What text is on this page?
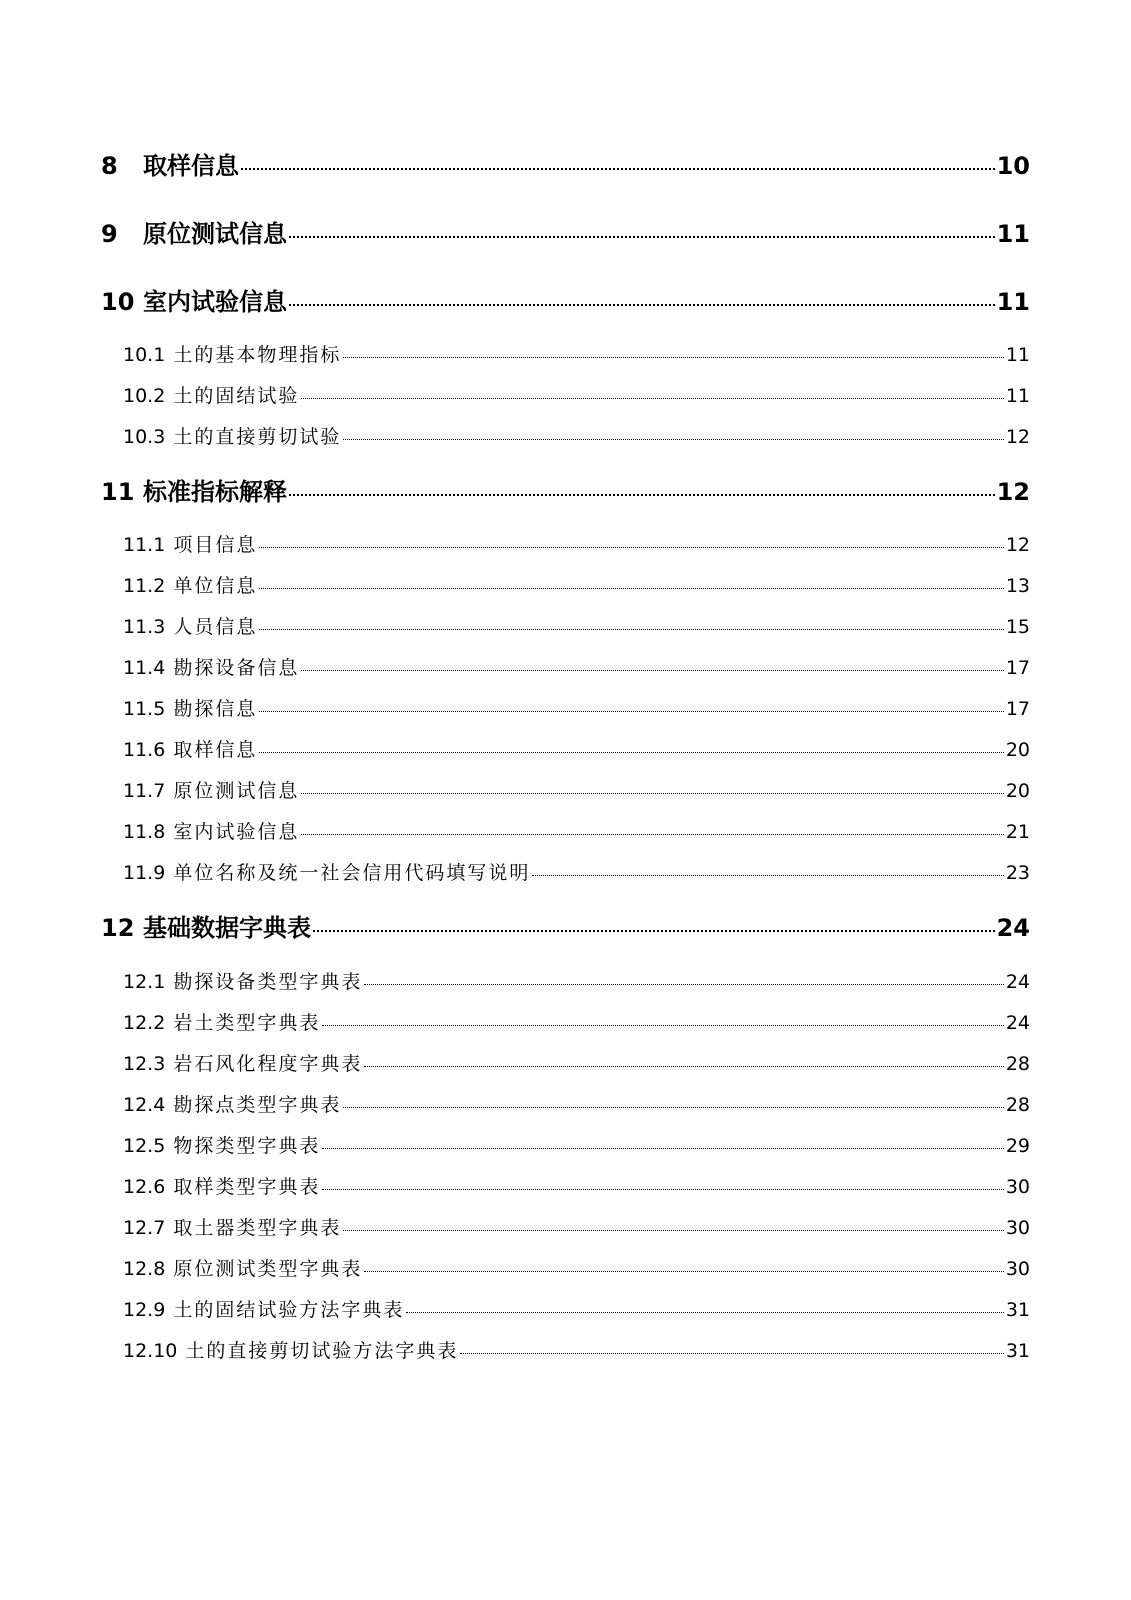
8	取样信息	10
9	原位测试信息	11
10 室内试验信息	11
10.1 土的基本物理指标	11
10.2 土的固结试验	11
10.3 土的直接剪切试验	12
11 标准指标解释	12
11.1 项目信息	12
11.2 单位信息	13
11.3 人员信息	15
11.4 勘探设备信息	17
11.5 勘探信息	17
11.6 取样信息	20
11.7 原位测试信息	20
11.8 室内试验信息	21
11.9 单位名称及统一社会信用代码填写说明	23
12 基础数据字典表	24
12.1 勘探设备类型字典表	24
12.2 岩土类型字典表	24
12.3 岩石风化程度字典表	28
12.4 勘探点类型字典表	28
12.5 物探类型字典表	29
12.6 取样类型字典表	30
12.7 取土器类型字典表	30
12.8 原位测试类型字典表	30
12.9 土的固结试验方法字典表	31
12.10 土的直接剪切试验方法字典表	31
